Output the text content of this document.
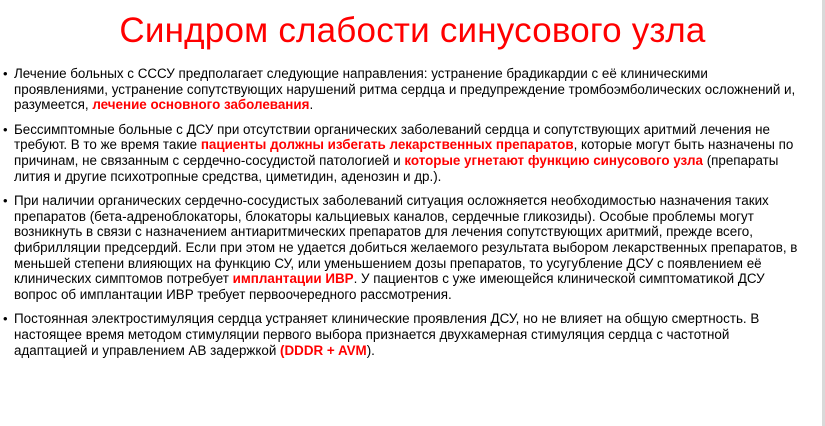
Синдром слабости синусового узла
• Лечение больных с СССУ предполагает следующие направления: устранение брадикардии с её клиническими проявлениями, устранение сопутствующих нарушений ритма сердца и предупреждение тромбоэмболических осложнений и, разумеется, лечение основного заболевания.
• Бессимптомные больные с ДСУ при отсутствии органических заболеваний сердца и сопутствующих аритмий лечения не требуют. В то же время такие пациенты должны избегать лекарственных препаратов, которые могут быть назначены по причинам, не связанным с сердечно-сосудистой патологией и которые угнетают функцию синусового узла (препараты лития и другие психотропные средства, циметидин, аденозин и др.).
• При наличии органических сердечно-сосудистых заболеваний ситуация осложняется необходимостью назначения таких препаратов (бета-адреноблокаторы, блокаторы кальциевых каналов, сердечные гликозиды). Особые проблемы могут возникнуть в связи с назначением антиаритмических препаратов для лечения сопутствующих аритмий, прежде всего, фибрилляции предсердий. Если при этом не удается добиться желаемого результата выбором лекарственных препаратов, в меньшей степени влияющих на функцию СУ, или уменьшением дозы препаратов, то усугубление ДСУ с появлением её клинических симптомов потребует имплантации ИВР. У пациентов с уже имеющейся клинической симптоматикой ДСУ вопрос об имплантации ИВР требует первоочередного рассмотрения.
• Постоянная электростимуляция сердца устраняет клинические проявления ДСУ, но не влияет на общую смертность. В настоящее время методом стимуляции первого выбора признается двухкамерная стимуляция сердца с частотной адаптацией и управлением АВ задержкой (DDDR + AVM).
